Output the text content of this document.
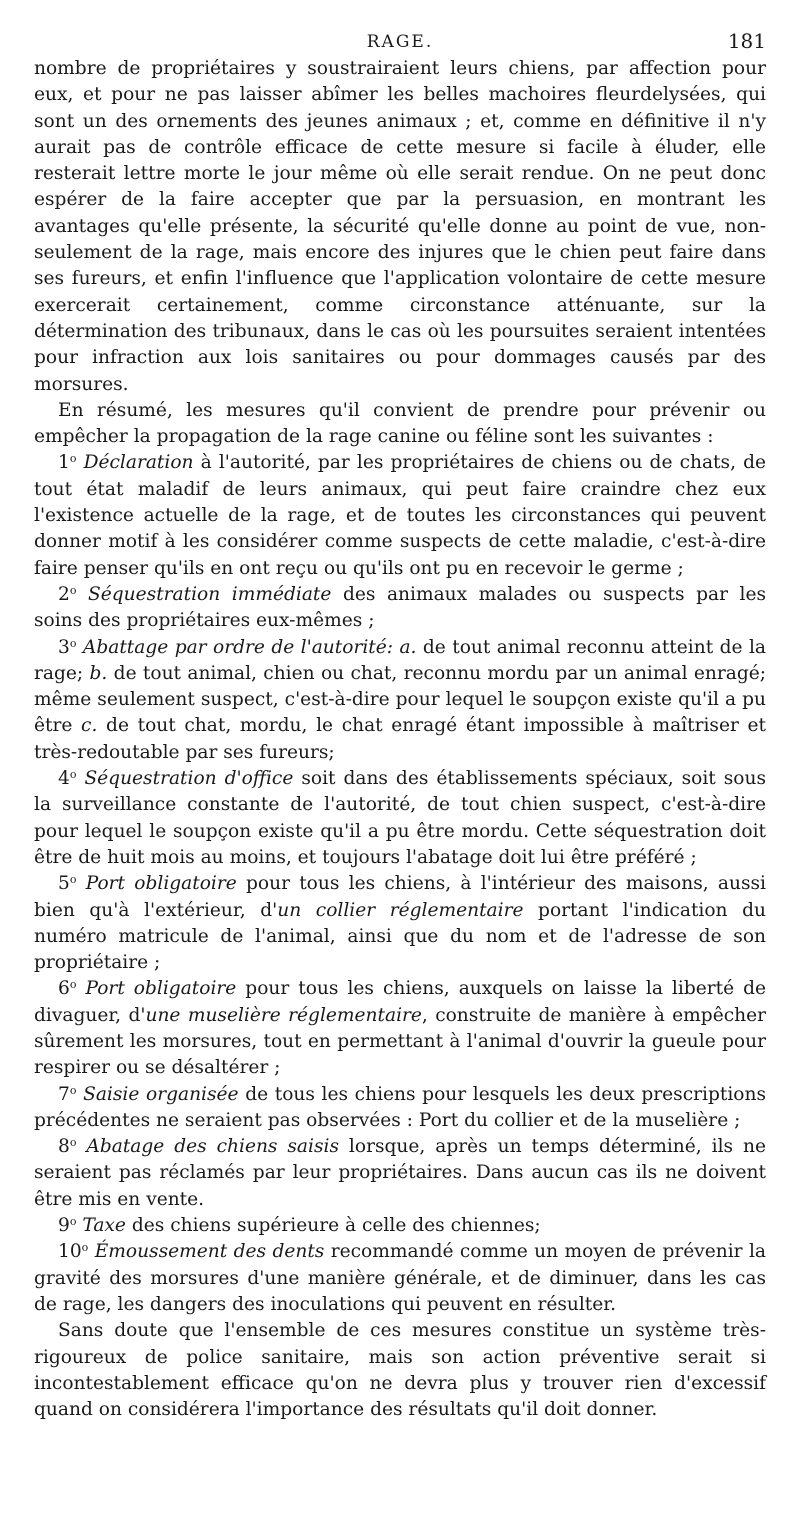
RAGE.	181

nombre de propriétaires y soustrairaient leurs chiens, par affection pour eux, et pour ne pas laisser abîmer les belles machoires fleurdelysées, qui sont un des ornements des jeunes animaux ; et, comme en définitive il n'y aurait pas de contrôle efficace de cette mesure si facile à éluder, elle resterait lettre morte le jour même où elle serait rendue. On ne peut donc espérer de la faire accepter que par la persuasion, en montrant les avantages qu'elle présente, la sécurité qu'elle donne au point de vue, non-seulement de la rage, mais encore des injures que le chien peut faire dans ses fureurs, et enfin l'influence que l'application volontaire de cette mesure exercerait certainement, comme circonstance atténuante, sur la détermination des tribunaux, dans le cas où les poursuites seraient intentées pour infraction aux lois sanitaires ou pour dommages causés par des morsures.

En résumé, les mesures qu'il convient de prendre pour prévenir ou empêcher la propagation de la rage canine ou féline sont les suivantes :

1$^o$ Déclaration à l'autorité, par les propriétaires de chiens ou de chats, de tout état maladif de leurs animaux, qui peut faire craindre chez eux l'existence actuelle de la rage, et de toutes les circonstances qui peuvent donner motif à les considérer comme suspects de cette maladie, c'est-à-dire faire penser qu'ils en ont reçu ou qu'ils ont pu en recevoir le germe ;

2$^o$ Séquestration immédiate des animaux malades ou suspects par les soins des propriétaires eux-mêmes ;

3$^o$ Abattage par ordre de l'autorité: a. de tout animal reconnu atteint de la rage; b. de tout animal, chien ou chat, reconnu mordu par un animal enragé; même seulement suspect, c'est-à-dire pour lequel le soupçon existe qu'il a pu être c. de tout chat, mordu, le chat enragé étant impossible à maîtriser et très-redoutable par ses fureurs;

4$^o$ Séquestration d'office soit dans des établissements spéciaux, soit sous la surveillance constante de l'autorité, de tout chien suspect, c'est-à-dire pour lequel le soupçon existe qu'il a pu être mordu. Cette séquestration doit être de huit mois au moins, et toujours l'abatage doit lui être préféré ;

5$^o$ Port obligatoire pour tous les chiens, à l'intérieur des maisons, aussi bien qu'à l'extérieur, d'un collier réglementaire portant l'indication du numéro matricule de l'animal, ainsi que du nom et de l'adresse de son propriétaire ;

6$^o$ Port obligatoire pour tous les chiens, auxquels on laisse la liberté de divaguer, d'une muselière réglementaire, construite de manière à empêcher sûrement les morsures, tout en permettant à l'animal d'ouvrir la gueule pour respirer ou se désaltérer ;

7$^o$ Saisie organisée de tous les chiens pour lesquels les deux prescriptions précédentes ne seraient pas observées : Port du collier et de la muselière ;

8$^o$ Abatage des chiens saisis lorsque, après un temps déterminé, ils ne seraient pas réclamés par leur propriétaires. Dans aucun cas ils ne doivent être mis en vente.

9$^o$ Taxe des chiens supérieure à celle des chiennes;

10$^o$ Émoussement des dents recommandé comme un moyen de prévenir la gravité des morsures d'une manière générale, et de diminuer, dans les cas de rage, les dangers des inoculations qui peuvent en résulter.

Sans doute que l'ensemble de ces mesures constitue un système très-rigoureux de police sanitaire, mais son action préventive serait si incontestablement efficace qu'on ne devra plus y trouver rien d'excessif quand on considérera l'importance des résultats qu'il doit donner.
